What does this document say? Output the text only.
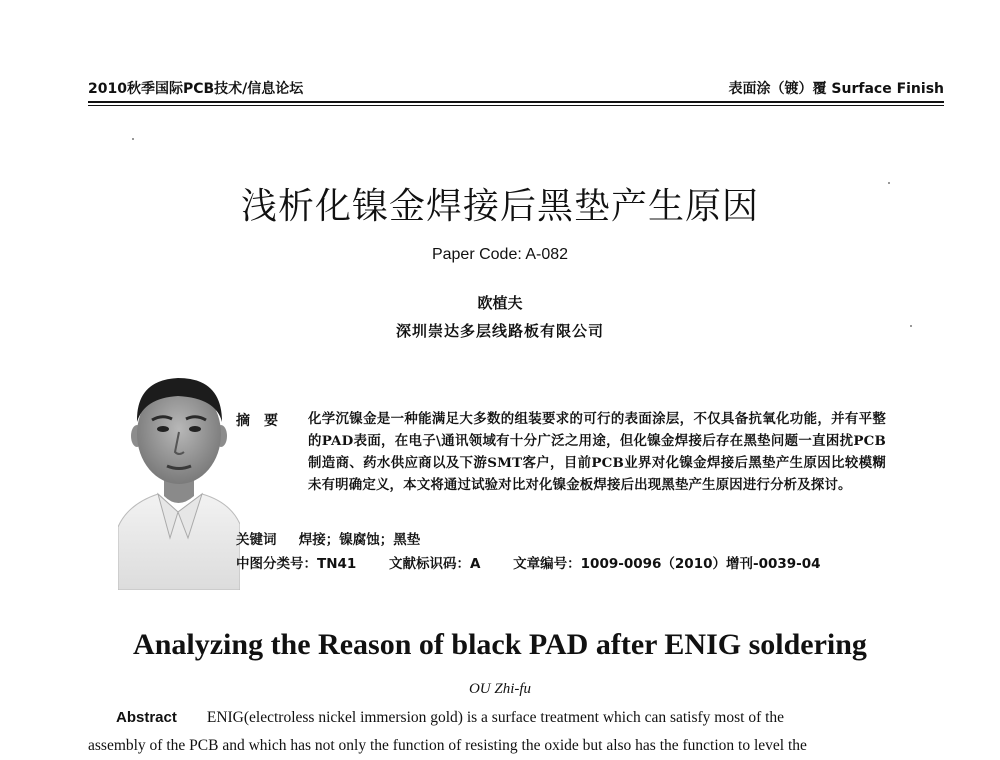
2010秋季国际PCB技术/信息论坛	表面涂（镀）覆 Surface Finish
浅析化镍金焊接后黑垫产生原因
Paper Code: A-082
欧植夫
深圳崇达多层线路板有限公司
摘要 化学沉镍金是一种能满足大多数的组装要求的可行的表面涂层，不仅具备抗氧化功能，并有平整的PAD表面，在电子\通讯领域有十分广泛之用途，但化镍金焊接后存在黑垫问题一直困扰PCB制造商、药水供应商以及下游SMT客户，目前PCB业界对化镍金焊接后黑垫产生原因比较模糊未有明确定义，本文将通过试验对比对化镍金板焊接后出现黑垫产生原因进行分析及探讨。
关键词 焊接；镍腐蚀；黑垫
中图分类号：TN41 文献标识码：A 文章编号：1009-0096（2010）增刊-0039-04
Analyzing the Reason of black PAD after ENIG soldering
OU Zhi-fu
Abstract ENIG(electroless nickel immersion gold) is a surface treatment which can satisfy most of the
assembly of the PCB and which has not only the function of resisting the oxide but also has the function to level the
